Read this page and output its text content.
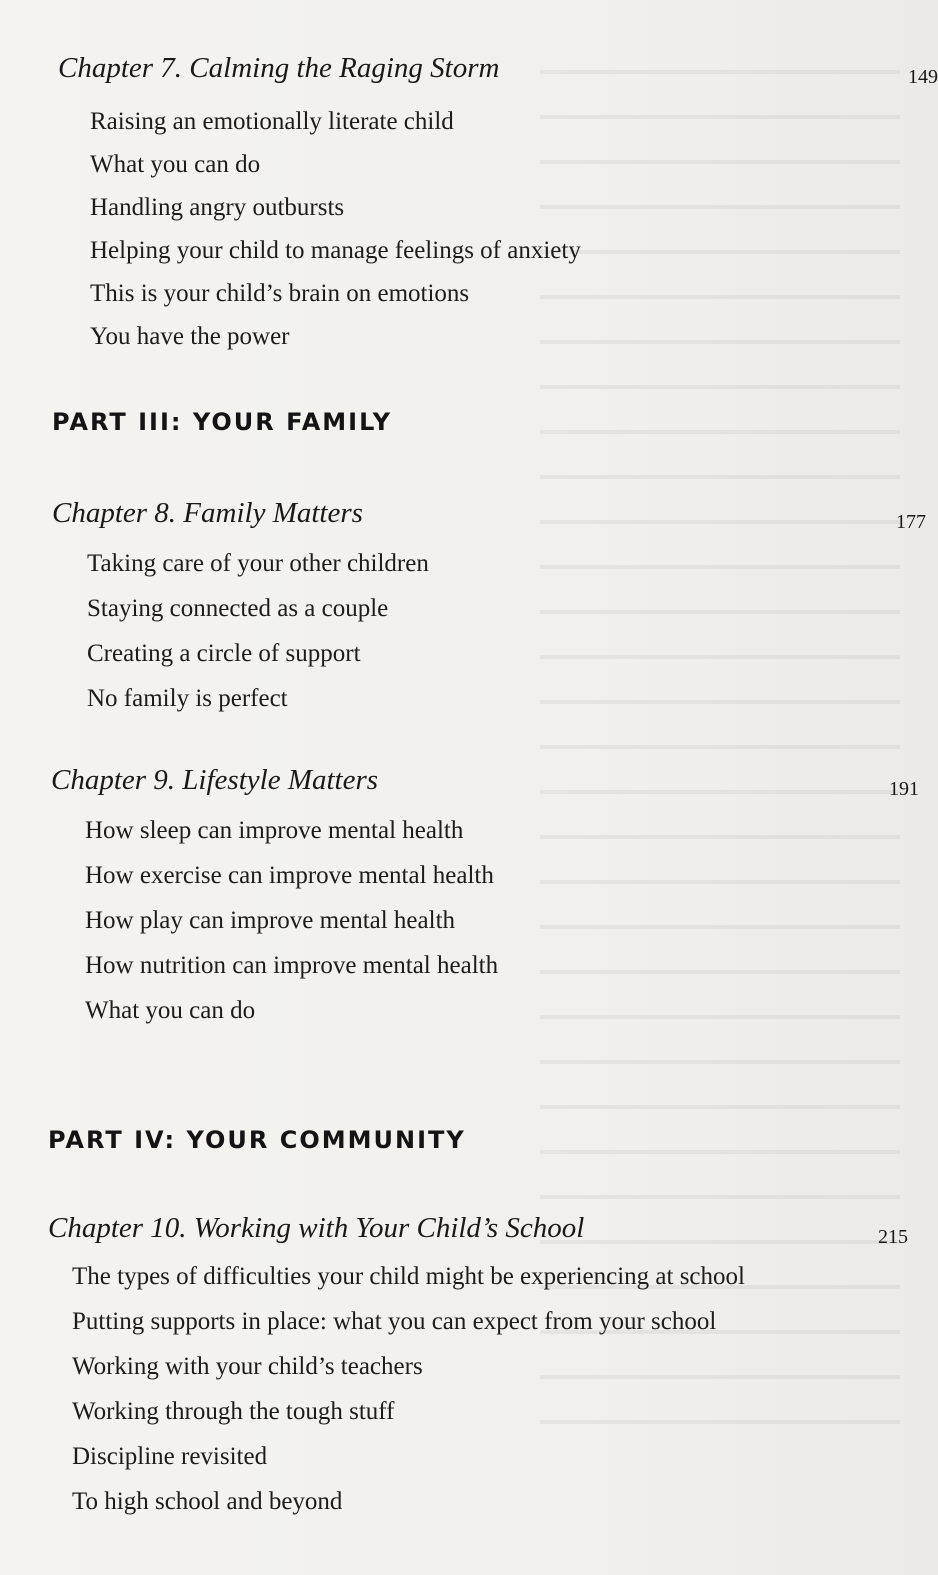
Chapter 7. Calming the Raging Storm	149
Raising an emotionally literate child
What you can do
Handling angry outbursts
Helping your child to manage feelings of anxiety
This is your child’s brain on emotions
You have the power
PART III: YOUR FAMILY
Chapter 8. Family Matters	177
Taking care of your other children
Staying connected as a couple
Creating a circle of support
No family is perfect
Chapter 9. Lifestyle Matters	191
How sleep can improve mental health
How exercise can improve mental health
How play can improve mental health
How nutrition can improve mental health
What you can do
PART IV: YOUR COMMUNITY
Chapter 10. Working with Your Child’s School	215
The types of difficulties your child might be experiencing at school
Putting supports in place: what you can expect from your school
Working with your child’s teachers
Working through the tough stuff
Discipline revisited
To high school and beyond
